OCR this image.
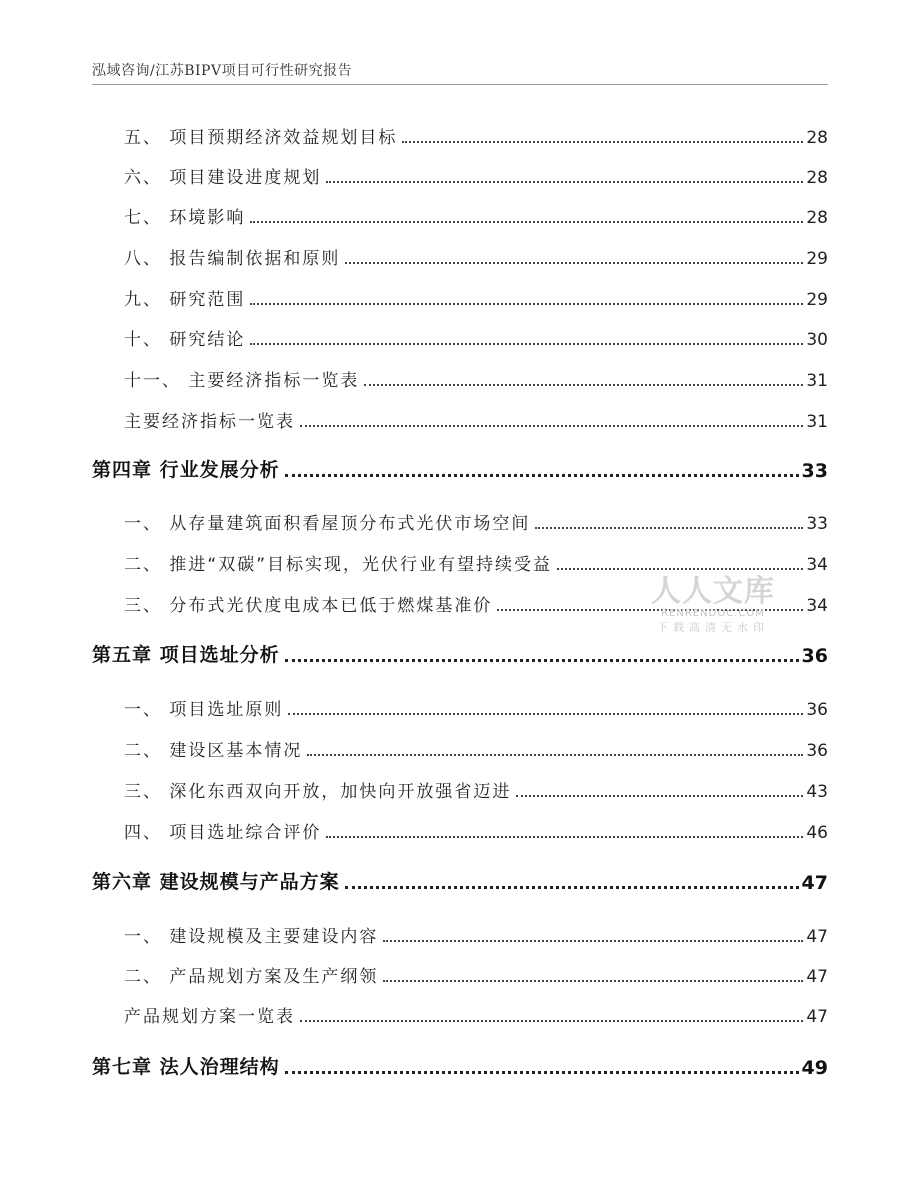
泓域咨询/江苏BIPV项目可行性研究报告
五、 项目预期经济效益规划目标	28
六、 项目建设进度规划	28
七、 环境影响	28
八、 报告编制依据和原则	29
九、 研究范围	29
十、 研究结论	30
十一、 主要经济指标一览表	31
主要经济指标一览表	31
第四章 行业发展分析	33
一、 从存量建筑面积看屋顶分布式光伏市场空间	33
二、 推进“双碳”目标实现，光伏行业有望持续受益	34
三、 分布式光伏度电成本已低于燃煤基准价	34
第五章 项目选址分析	36
一、 项目选址原则	36
二、 建设区基本情况	36
三、 深化东西双向开放，加快向开放强省迈进	43
四、 项目选址综合评价	46
第六章 建设规模与产品方案	47
一、 建设规模及主要建设内容	47
二、 产品规划方案及生产纲领	47
产品规划方案一览表	47
第七章 法人治理结构	49
人人文库
RENRENDOC.COM
下载高清无水印
